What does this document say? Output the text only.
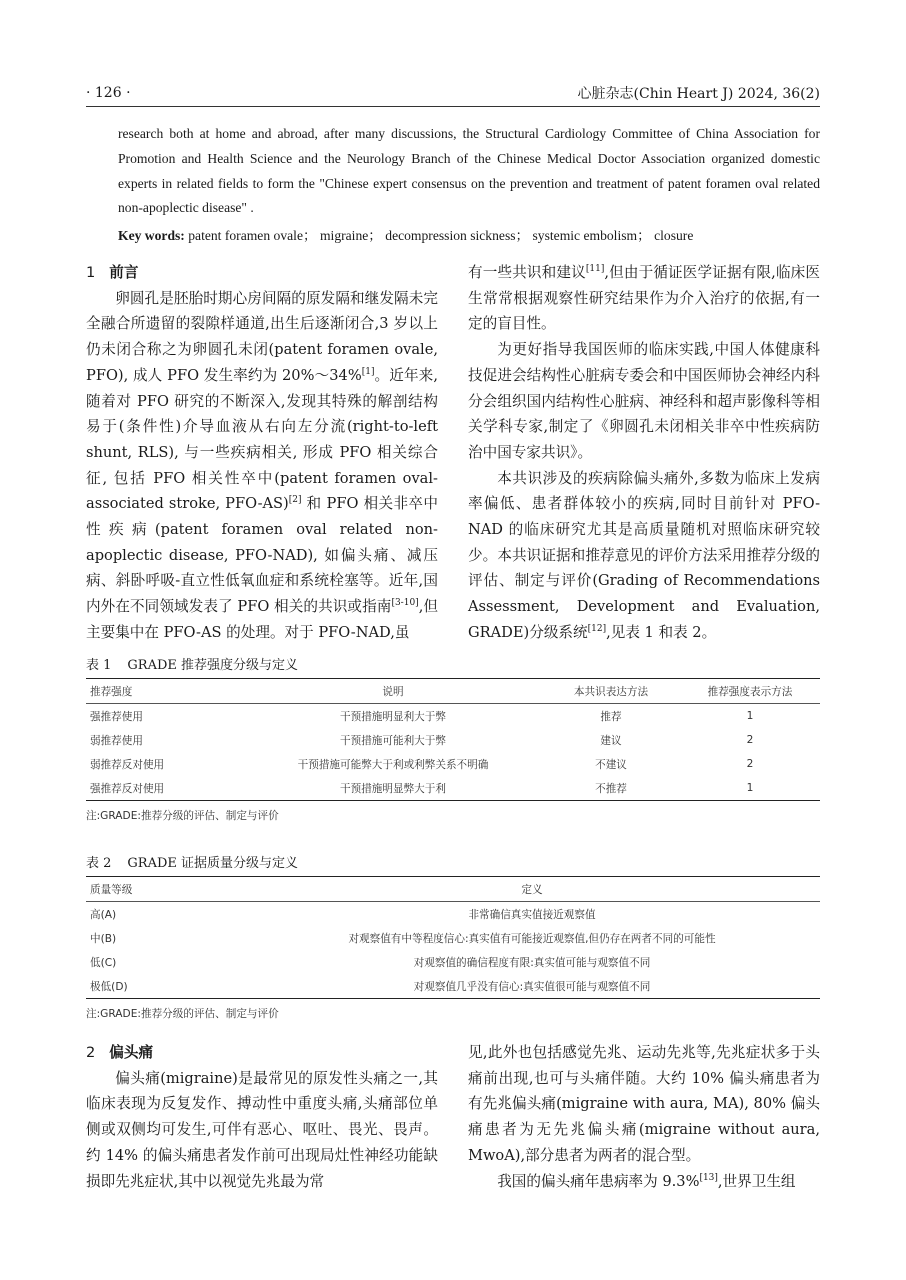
· 126 ·	心脏杂志(Chin Heart J) 2024, 36(2)
research both at home and abroad, after many discussions, the Structural Cardiology Committee of China Association for Promotion and Health Science and the Neurology Branch of the Chinese Medical Doctor Association organized domestic experts in related fields to form the "Chinese expert consensus on the prevention and treatment of patent foramen oval related non-apoplectic disease" .
Key words: patent foramen ovale； migraine； decompression sickness； systemic embolism； closure
1 前言

卵圆孔是胚胎时期心房间隔的原发隔和继发隔未完全融合所遗留的裂隙样通道,出生后逐渐闭合,3 岁以上仍未闭合称之为卵圆孔未闭(patent foramen ovale, PFO), 成人 PFO 发生率约为 20%～34%[1]。近年来,随着对 PFO 研究的不断深入,发现其特殊的解剖结构易于(条件性)介导血液从右向左分流(right-to-left shunt, RLS), 与一些疾病相关, 形成 PFO 相关综合征, 包括 PFO 相关性卒中(patent foramen oval-associated stroke, PFO-AS)[2] 和 PFO 相关非卒中性疾病(patent foramen oval related non-apoplectic disease, PFO-NAD), 如偏头痛、减压病、斜卧呼吸-直立性低氧血症和系统栓塞等。近年,国内外在不同领域发表了 PFO 相关的共识或指南[3-10],但主要集中在 PFO-AS 的处理。对于 PFO-NAD,虽

有一些共识和建议[11],但由于循证医学证据有限,临床医生常常根据观察性研究结果作为介入治疗的依据,有一定的盲目性。

为更好指导我国医师的临床实践,中国人体健康科技促进会结构性心脏病专委会和中国医师协会神经内科分会组织国内结构性心脏病、神经科和超声影像科等相关学科专家,制定了《卵圆孔未闭相关非卒中性疾病防治中国专家共识》。

本共识涉及的疾病除偏头痛外,多数为临床上发病率偏低、患者群体较小的疾病,同时目前针对 PFO-NAD 的临床研究尤其是高质量随机对照临床研究较少。本共识证据和推荐意见的评价方法采用推荐分级的评估、制定与评价(Grading of Recommendations Assessment, Development and Evaluation, GRADE)分级系统[12],见表 1 和表 2。

表 1 GRADE 推荐强度分级与定义
推荐强度	说明	本共识表达方法	推荐强度表示方法
强推荐使用	干预措施明显利大于弊	推荐	1
弱推荐使用	干预措施可能利大于弊	建议	2
弱推荐反对使用	干预措施可能弊大于利或利弊关系不明确	不建议	2
强推荐反对使用	干预措施明显弊大于利	不推荐	1
注:GRADE:推荐分级的评估、制定与评价
表 2 GRADE 证据质量分级与定义
质量等级	定义
高(A)	非常确信真实值接近观察值
中(B)	对观察值有中等程度信心:真实值有可能接近观察值,但仍存在两者不同的可能性
低(C)	对观察值的确信程度有限:真实值可能与观察值不同
极低(D)	对观察值几乎没有信心:真实值很可能与观察值不同
注:GRADE:推荐分级的评估、制定与评价
2 偏头痛

偏头痛(migraine)是最常见的原发性头痛之一,其临床表现为反复发作、搏动性中重度头痛,头痛部位单侧或双侧均可发生,可伴有恶心、呕吐、畏光、畏声。约 14% 的偏头痛患者发作前可出现局灶性神经功能缺损即先兆症状,其中以视觉先兆最为常

见,此外也包括感觉先兆、运动先兆等,先兆症状多于头痛前出现,也可与头痛伴随。大约 10% 偏头痛患者为有先兆偏头痛(migraine with aura, MA), 80% 偏头痛患者为无先兆偏头痛(migraine without aura, MwoA),部分患者为两者的混合型。

我国的偏头痛年患病率为 9.3%[13],世界卫生组
